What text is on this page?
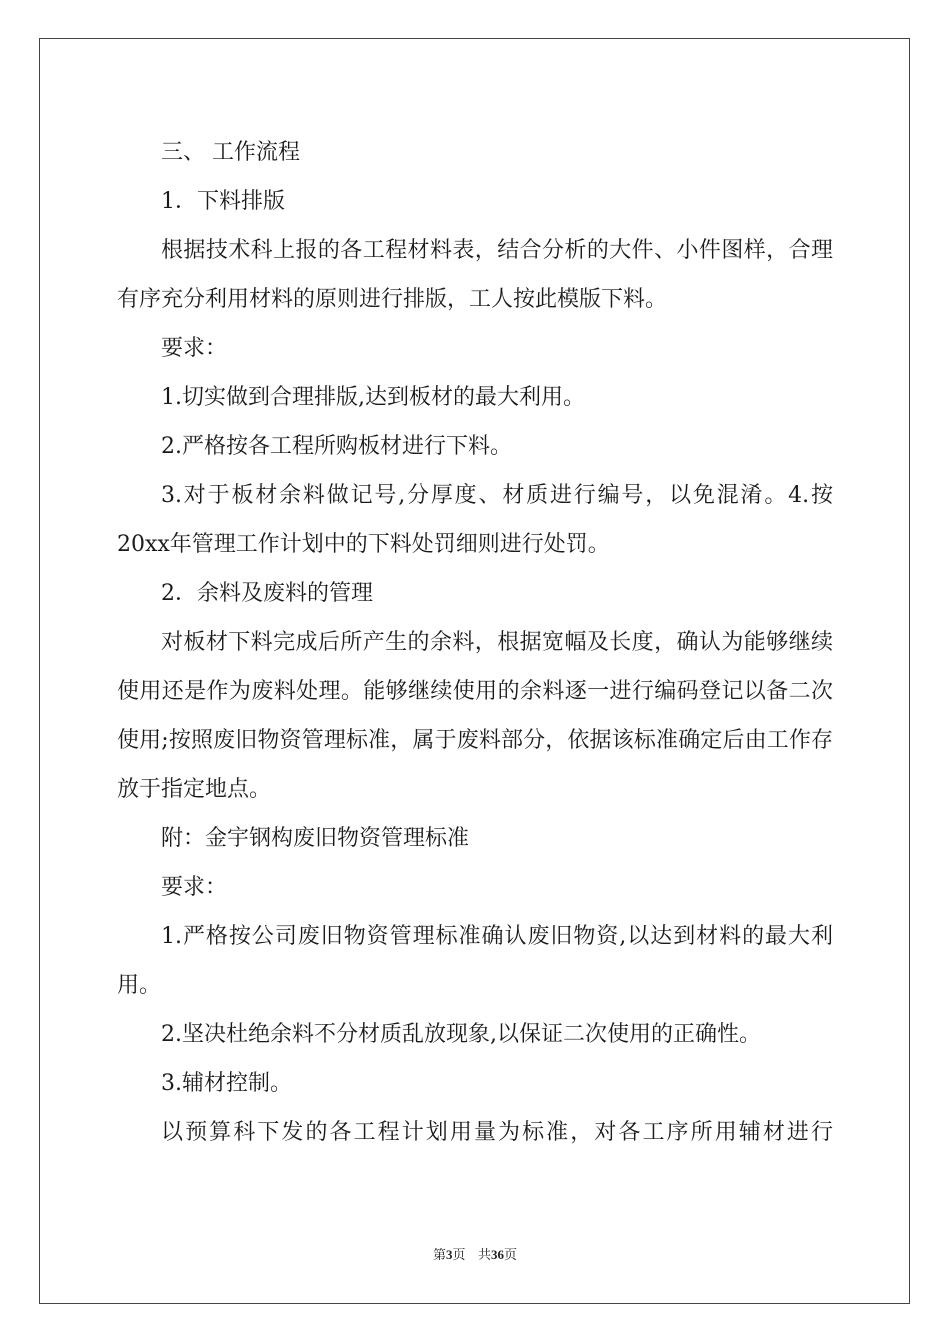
三、 工作流程

1．下料排版

根据技术科上报的各工程材料表，结合分析的大件、小件图样，合理有序充分利用材料的原则进行排版，工人按此模版下料。

要求：

1.切实做到合理排版,达到板材的最大利用。

2.严格按各工程所购板材进行下料。

3.对于板材余料做记号,分厚度、材质进行编号，以免混淆。4.按20xx年管理工作计划中的下料处罚细则进行处罚。

2．余料及废料的管理

对板材下料完成后所产生的余料，根据宽幅及长度，确认为能够继续使用还是作为废料处理。能够继续使用的余料逐一进行编码登记以备二次使用;按照废旧物资管理标准，属于废料部分，依据该标准确定后由工作存放于指定地点。

附：金宇钢构废旧物资管理标准

要求：

1.严格按公司废旧物资管理标准确认废旧物资,以达到材料的最大利用。

2.坚决杜绝余料不分材质乱放现象,以保证二次使用的正确性。

3.辅材控制。

以预算科下发的各工程计划用量为标准，对各工序所用辅材进行

第3页 共36页
